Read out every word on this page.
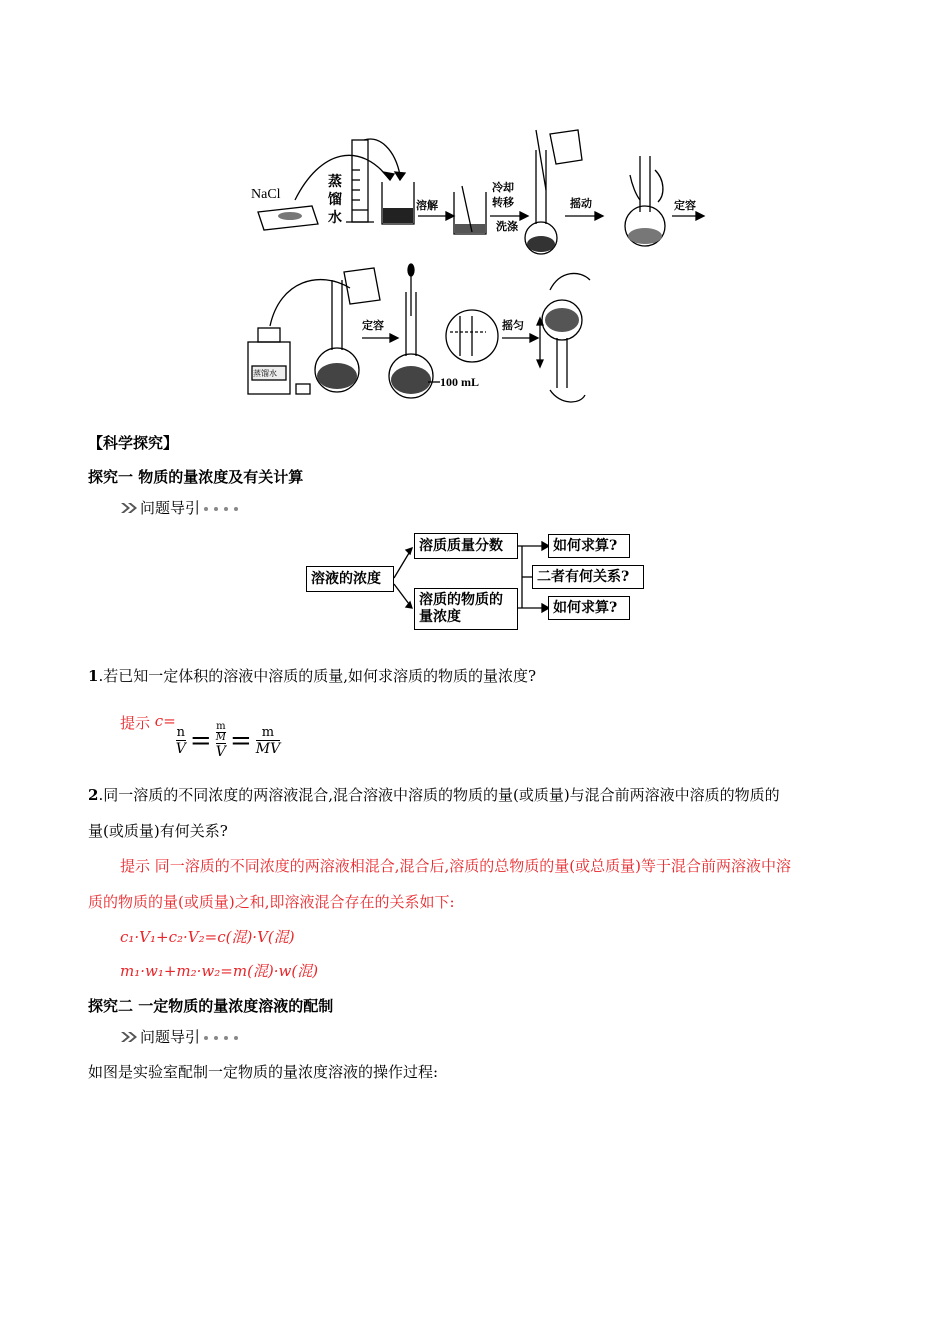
NaCl
蒸
馏
水
溶解
冷却
转移
洗涤
摇动	定容
蒸馏水
定容
100 mL
摇匀
【科学探究】
探究一 物质的量浓度及有关计算
问题导引
溶液的浓度
溶质质量分数
溶质的物质的
量浓度
如何求算?
二者有何关系?
如何求算?
1.若已知一定体积的溶液中溶质的质量,如何求溶质的物质的量浓度?
提示 c =
$\frac{n}{V} = m$
M
$V = \frac{m}{MV}$
2.同一溶质的不同浓度的两溶液混合,混合溶液中溶质的物质的量(或质量)与混合前两溶液中溶质的物质的
量(或质量)有何关系?
提示 同一溶质的不同浓度的两溶液相混合,混合后,溶质的总物质的量(或总质量)等于混合前两溶液中溶
质的物质的量(或质量)之和,即溶液混合存在的关系如下:
c₁·V₁+c₂·V₂=c(混)·V(混)
m₁·w₁+m₂·w₂=m(混)·w(混)
探究二 一定物质的量浓度溶液的配制
问题导引
如图是实验室配制一定物质的量浓度溶液的操作过程:
